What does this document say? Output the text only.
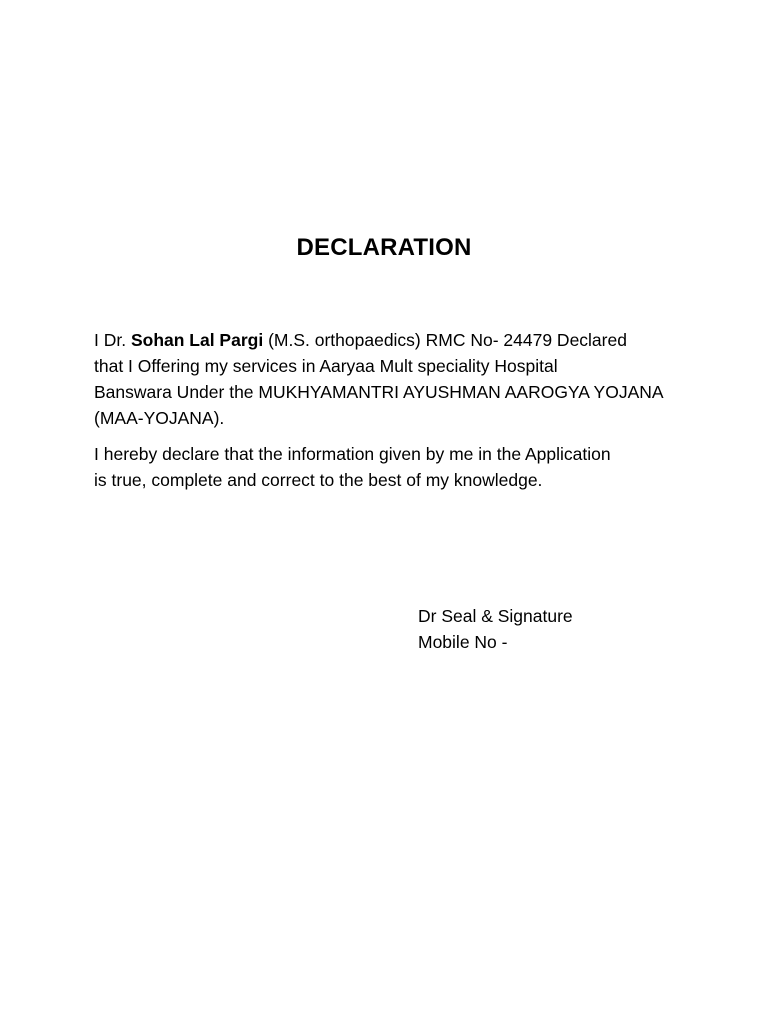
DECLARATION

I Dr. Sohan Lal Pargi (M.S. orthopaedics) RMC No- 24479 Declared
that I Offering my services in Aaryaa Mult speciality Hospital
Banswara Under the MUKHYAMANTRI AYUSHMAN AAROGYA YOJANA
(MAA-YOJANA).

I hereby declare that the information given by me in the Application
is true, complete and correct to the best of my knowledge.

Dr Seal & Signature
Mobile No -
